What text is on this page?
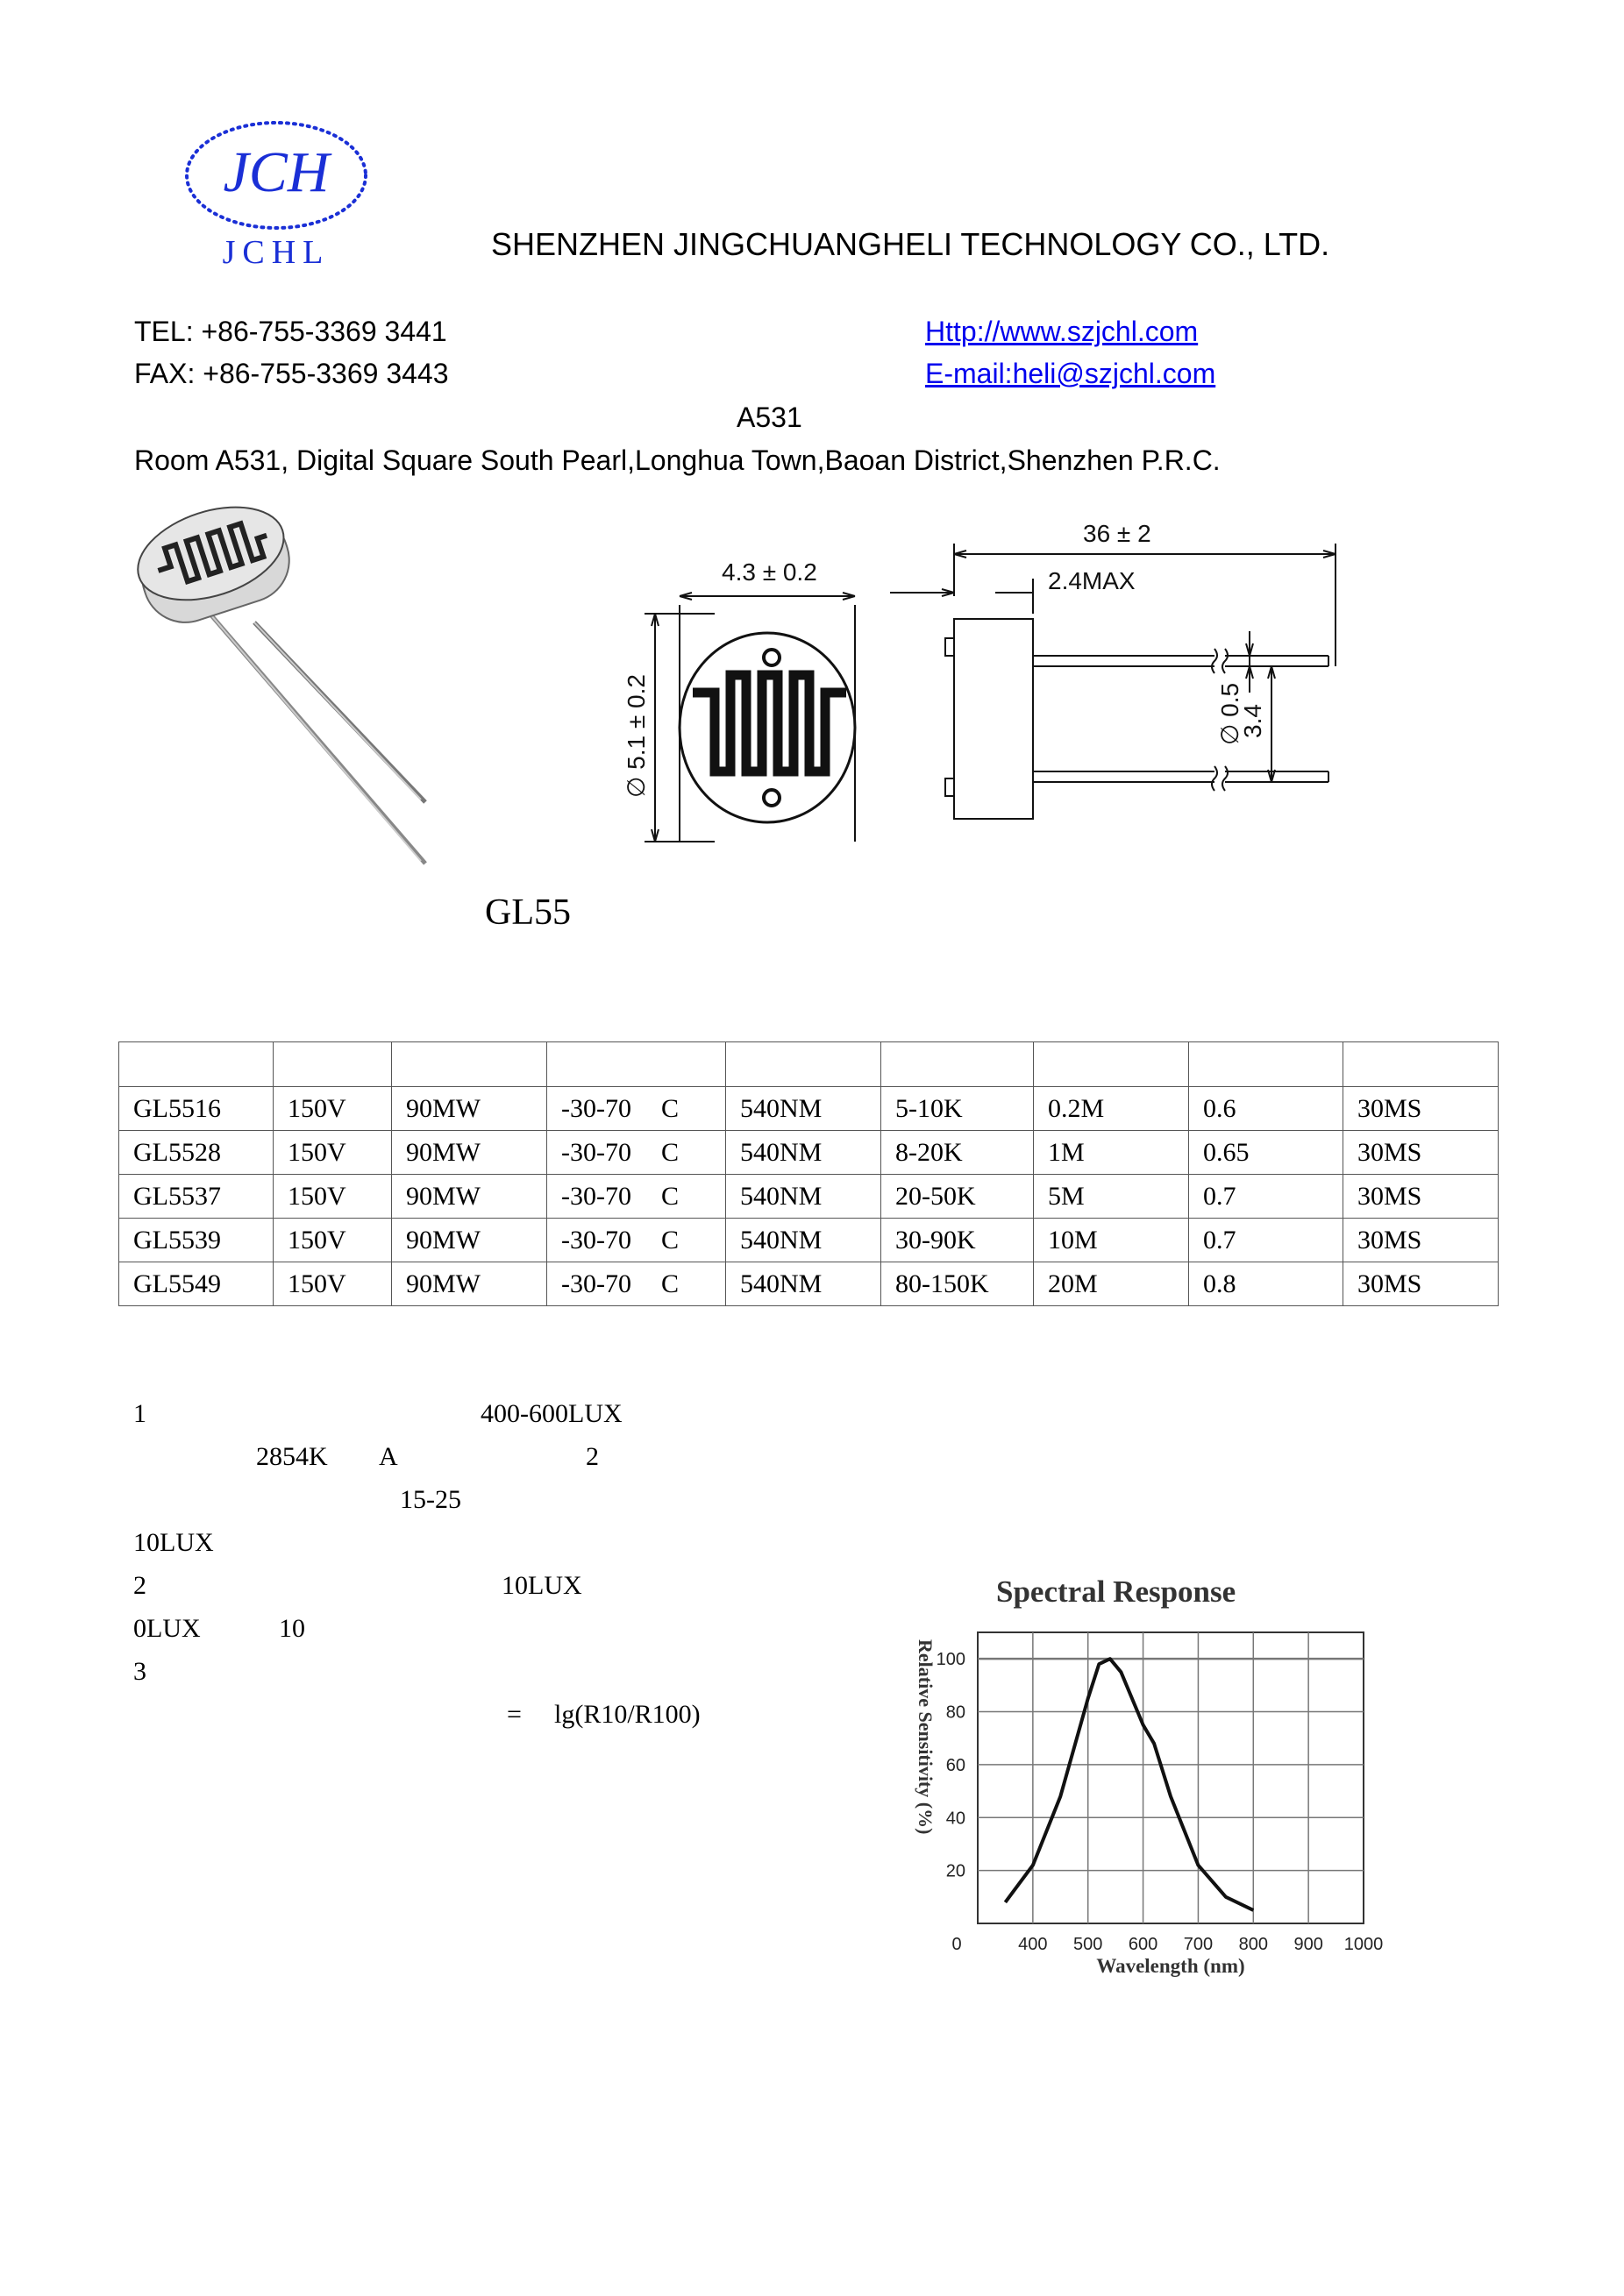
JCH
JCHL	SHENZHEN JINGCHUANGHELI TECHNOLOGY CO., LTD.
TEL: +86-755-3369 3441
FAX: +86-755-3369 3443
Http://www.szjchl.com
E-mail:heli@szjchl.com
A531
Room A531, Digital Square South Pearl,Longhua Town,Baoan District,Shenzhen P.R.C.
4.3 ± 0.2
∅ 5.1 ± 0.2
36 ± 2
2.4MAX
∅ 0.5
3.4
GL55

GL5516	150V	90MW	-30-70 C	540NM	5-10K	0.2M	0.6	30MS
GL5528	150V	90MW	-30-70 C	540NM	8-20K	1M	0.65	30MS
GL5537	150V	90MW	-30-70 C	540NM	20-50K	5M	0.7	30MS
GL5539	150V	90MW	-30-70 C	540NM	30-90K	10M	0.7	30MS
GL5549	150V	90MW	-30-70 C	540NM	80-150K	20M	0.8	30MS
1	400-600LUX
2854K A	2
15-25
10LUX
2	10LUX
0LUX	10
3
= lg(R10/R100)
Spectral Response
0	400 500 600 700 800 900 1000
20
40
60
80
100
Relative Sensitivity (%)
Wavelength (nm)
